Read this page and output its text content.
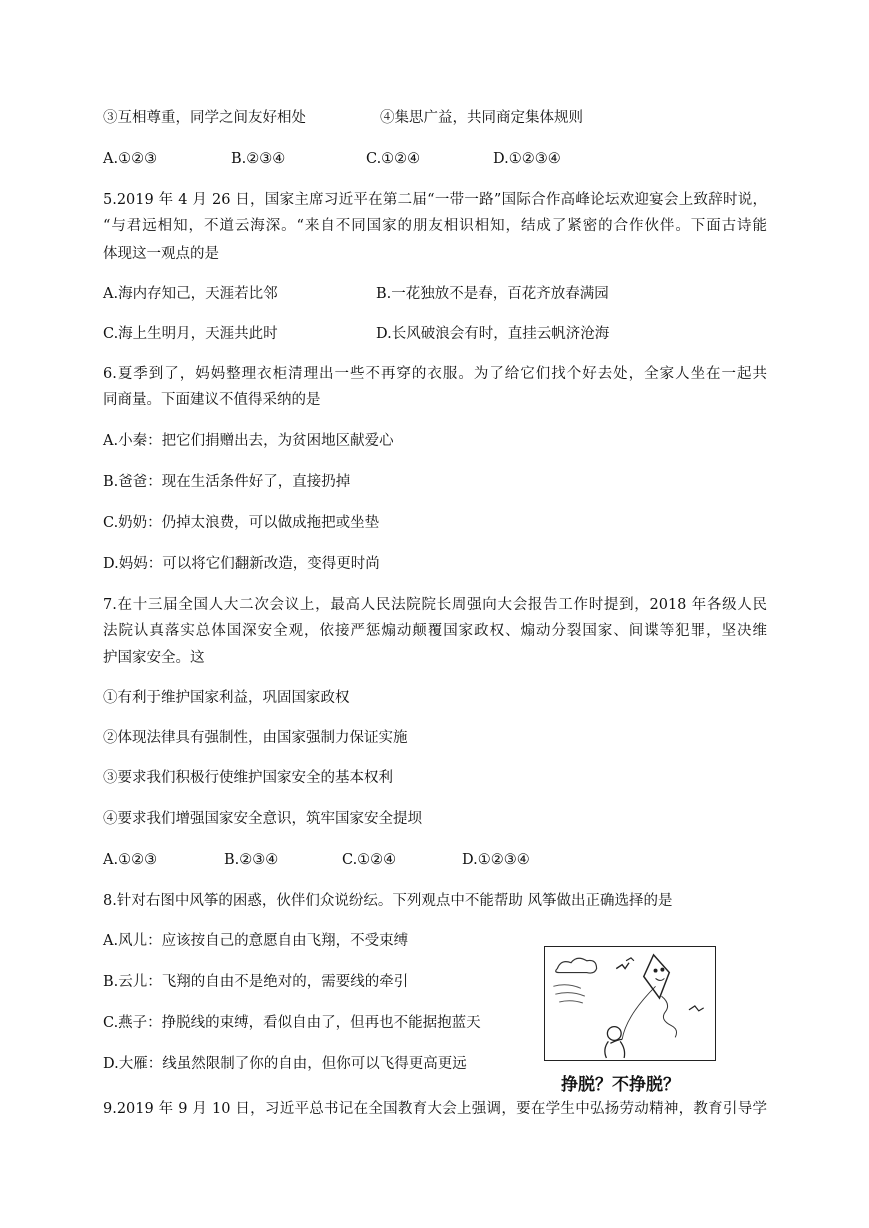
③互相尊重，同学之间友好相处	④集思广益，共同商定集体规则
A.①②③	B.②③④	C.①②④	D.①②③④
5.2019 年 4 月 26 日，国家主席习近平在第二届“一带一路”国际合作高峰论坛欢迎宴会上致辞时说，
“与君远相知，不道云海深。“来自不同国家的朋友相识相知，结成了紧密的合作伙伴。下面古诗能
体现这一观点的是
A.海内存知己，天涯若比邻	B.一花独放不是春，百花齐放春满园
C.海上生明月，天涯共此时	D.长风破浪会有时，直挂云帆济沧海
6.夏季到了，妈妈整理衣柜清理出一些不再穿的衣服。为了给它们找个好去处，全家人坐在一起共
同商量。下面建议不值得采纳的是
A.小秦：把它们捐赠出去，为贫困地区献爱心
B.爸爸：现在生活条件好了，直接扔掉
C.奶奶：仍掉太浪费，可以做成拖把或坐垫
D.妈妈：可以将它们翻新改造，变得更时尚
7.在十三届全国人大二次会议上，最高人民法院院长周强向大会报告工作时提到，2018 年各级人民
法院认真落实总体国深安全观，依接严惩煽动颠覆国家政权、煽动分裂国家、间谍等犯罪，坚决维
护国家安全。这
①有利于维护国家利益，巩固国家政权
②体现法律具有强制性，由国家强制力保证实施
③要求我们积极行使维护国家安全的基本权利
④要求我们增强国家安全意识，筑牢国家安全提坝
A.①②③	B.②③④	C.①②④	D.①②③④
8.针对右图中风筝的困惑，伙伴们众说纷纭。下列观点中不能帮助 风筝做出正确选择的是
A.风儿：应该按自己的意愿自由飞翔，不受束缚
B.云儿：飞翔的自由不是绝对的，需要线的牵引
C.燕子：挣脱线的束缚，看似自由了，但再也不能据抱蓝天
D.大雁：线虽然限制了你的自由，但你可以飞得更高更远
挣脱？不挣脱？
9.2019 年 9 月 10 日，习近平总书记在全国教育大会上强调，要在学生中弘扬劳动精神，教育引导学
